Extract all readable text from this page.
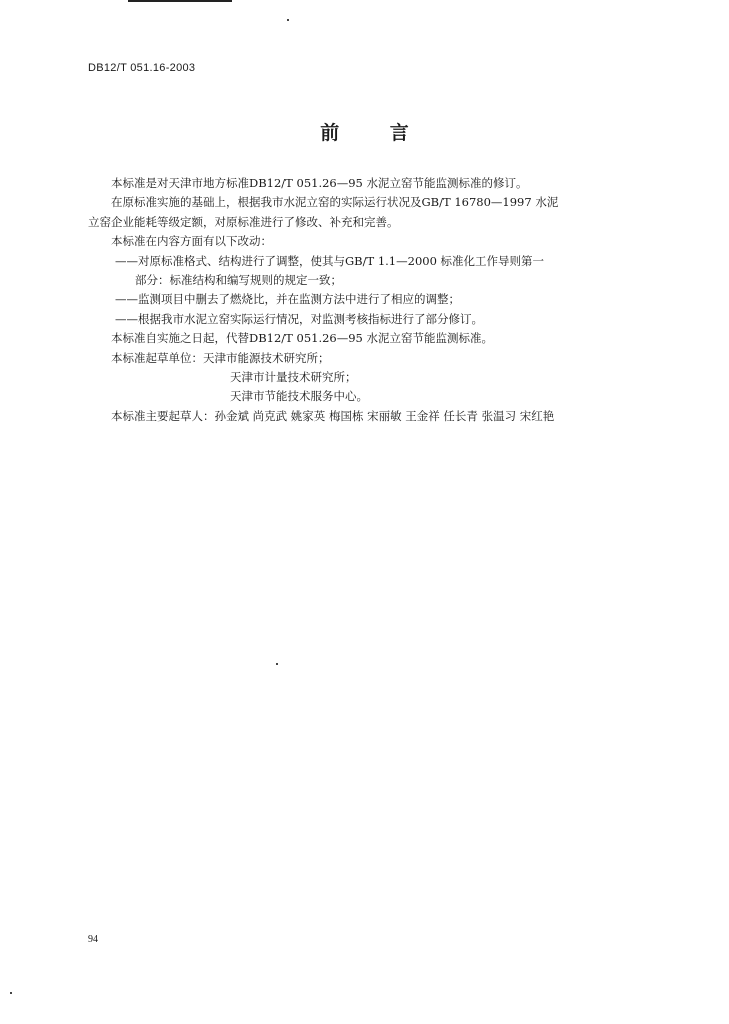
DB12/T 051.16-2003
前 言
本标准是对天津市地方标准DB12/T 051.26—95 水泥立窑节能监测标准的修订。
在原标准实施的基础上，根据我市水泥立窑的实际运行状况及GB/T 16780—1997 水泥
立窑企业能耗等级定额，对原标准进行了修改、补充和完善。
本标准在内容方面有以下改动：
——对原标准格式、结构进行了调整，使其与GB/T 1.1—2000 标准化工作导则第一
部分：标准结构和编写规则的规定一致；
——监测项目中删去了燃烧比，并在监测方法中进行了相应的调整；
——根据我市水泥立窑实际运行情况，对监测考核指标进行了部分修订。
本标准自实施之日起，代替DB12/T 051.26—95 水泥立窑节能监测标准。
本标准起草单位：天津市能源技术研究所；
天津市计量技术研究所；
天津市节能技术服务中心。
本标准主要起草人：孙金斌 尚克武 姚家英 梅国栋 宋丽敏 王金祥 任长青 张温习 宋红艳
94
